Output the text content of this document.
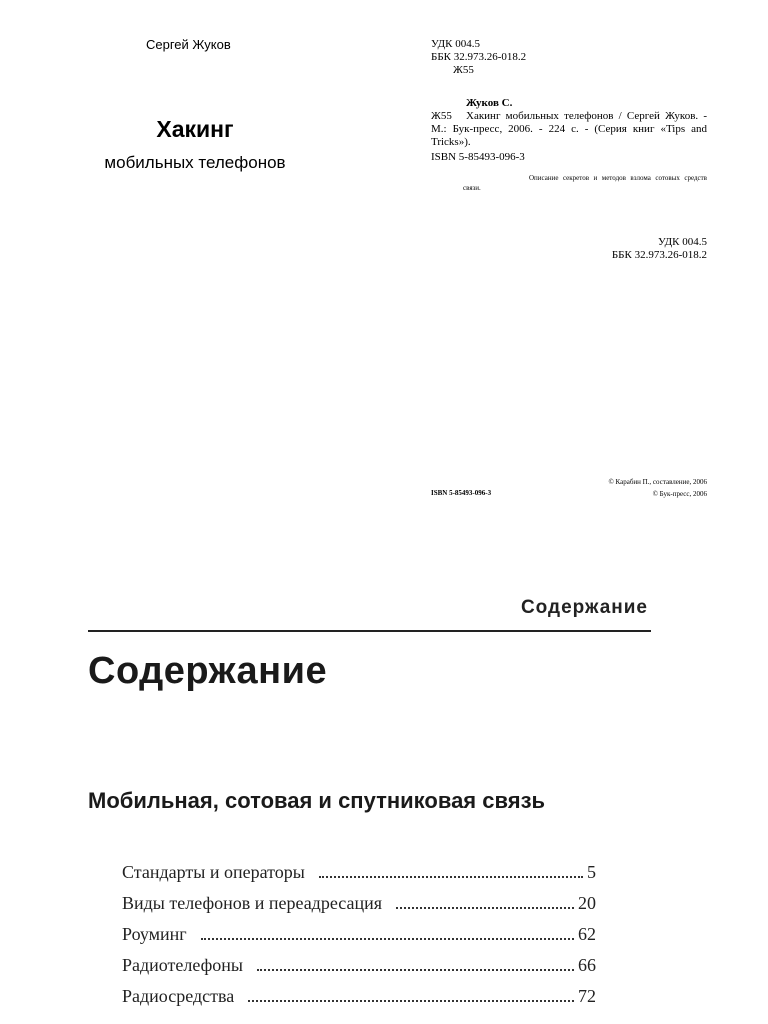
Сергей Жуков
Хакинг
мобильных телефонов
УДК 004.5
ББК 32.973.26-018.2
Ж55
Жуков С.
Ж55 Хакинг мобильных телефонов / Сергей Жуков. - М.: Бук-пресс, 2006. - 224 с. - (Серия книг «Tips and Tricks»).
ISBN 5-85493-096-3
Описание секретов и методов взлома сотовых средств связи.
УДК 004.5
ББК 32.973.26-018.2
ISBN 5-85493-096-3
© Карабин П., составление, 2006
© Бук-пресс, 2006
Содержание
Содержание
Мобильная, сотовая и спутниковая связь
Стандарты и операторы	5
Виды телефонов и переадресация	20
Роуминг	62
Радиотелефоны	66
Радиосредства	72
